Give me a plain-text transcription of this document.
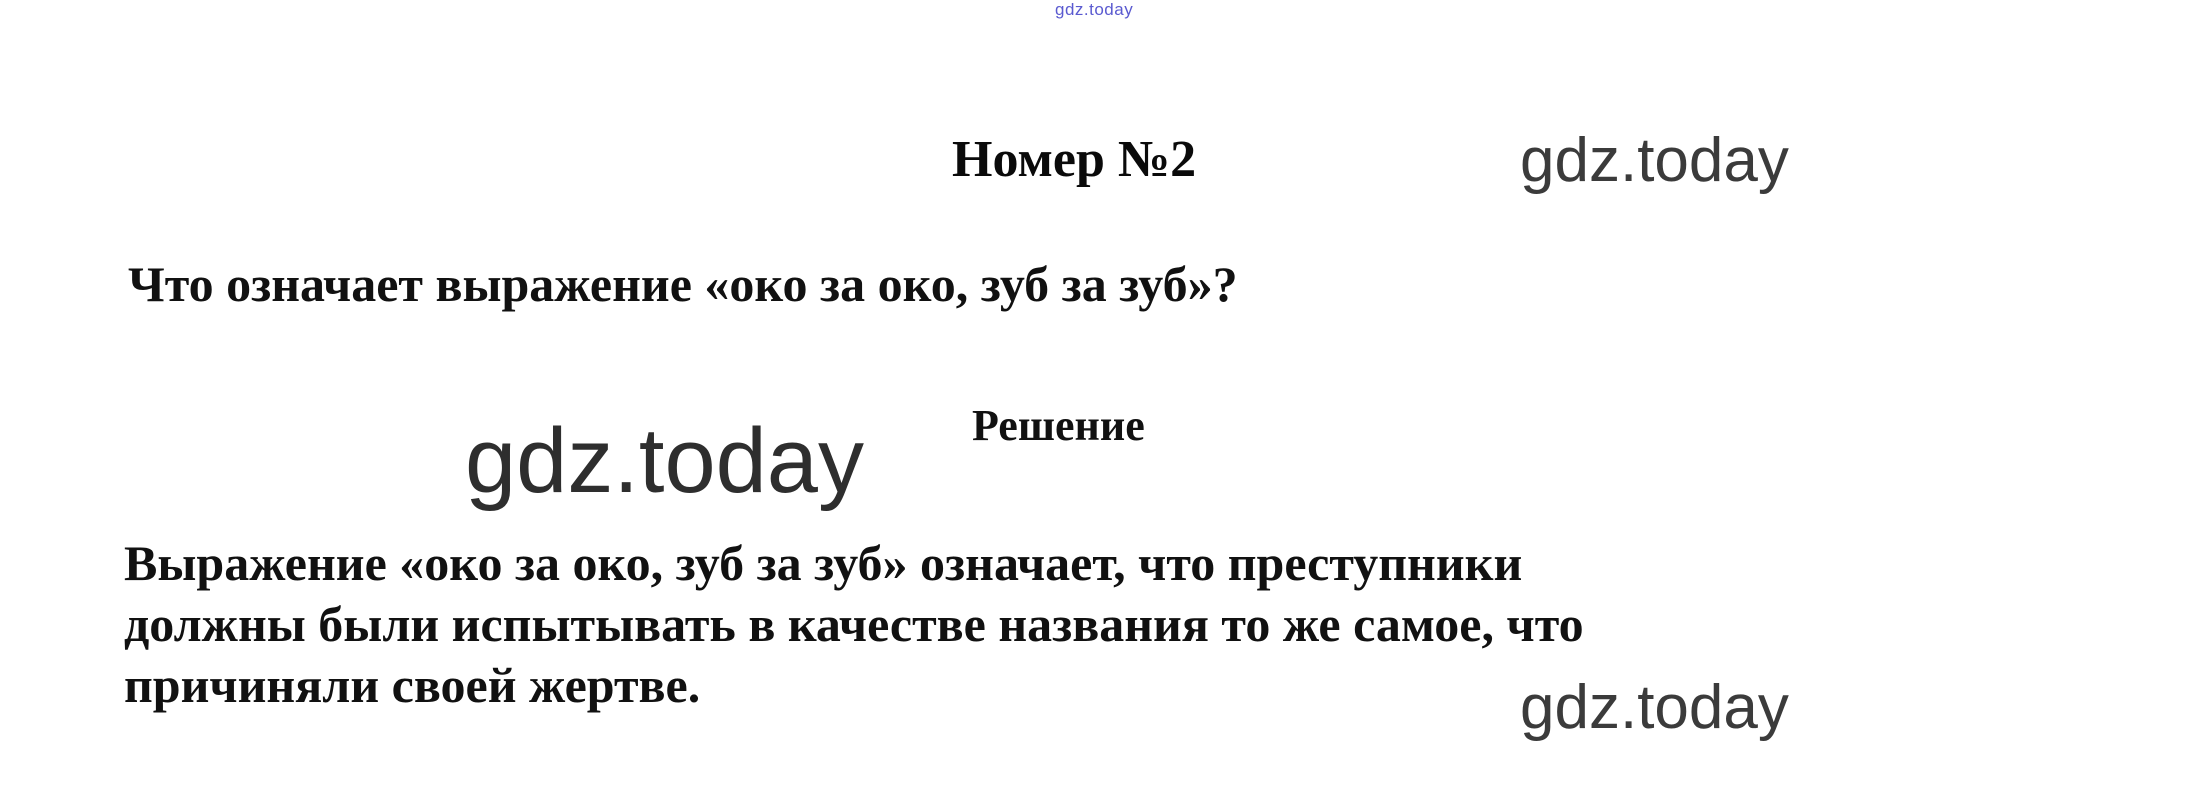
gdz.today
Номер №2	gdz.today
Что означает выражение «око за око, зуб за зуб»?
gdz.today Решение
Выражение «око за око, зуб за зуб» означает, что преступники
должны были испытывать в качестве названия то же самое, что
причиняли своей жертве.	gdz.today
